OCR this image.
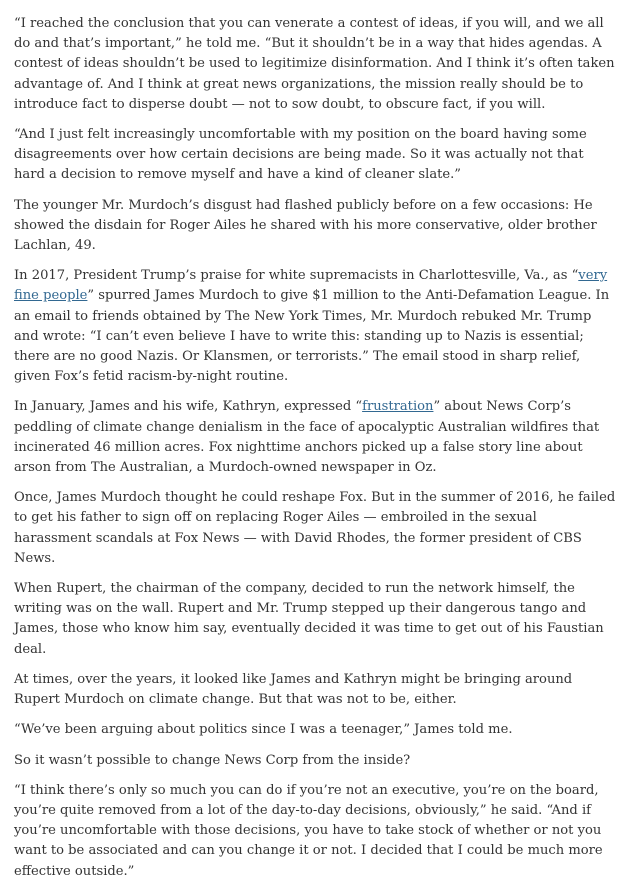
“I reached the conclusion that you can venerate a contest of ideas, if you will, and we all do and that’s important,” he told me. “But it shouldn’t be in a way that hides agendas. A contest of ideas shouldn’t be used to legitimize disinformation. And I think it’s often taken advantage of. And I think at great news organizations, the mission really should be to introduce fact to disperse doubt — not to sow doubt, to obscure fact, if you will.

“And I just felt increasingly uncomfortable with my position on the board having some disagreements over how certain decisions are being made. So it was actually not that hard a decision to remove myself and have a kind of cleaner slate.”

The younger Mr. Murdoch’s disgust had flashed publicly before on a few occasions: He showed the disdain for Roger Ailes he shared with his more conservative, older brother Lachlan, 49.

In 2017, President Trump’s praise for white supremacists in Charlottesville, Va., as “very fine people” spurred James Murdoch to give $1 million to the Anti-Defamation League. In an email to friends obtained by The New York Times, Mr. Murdoch rebuked Mr. Trump and wrote: “I can’t even believe I have to write this: standing up to Nazis is essential; there are no good Nazis. Or Klansmen, or terrorists.” The email stood in sharp relief, given Fox’s fetid racism-by-night routine.

In January, James and his wife, Kathryn, expressed “frustration” about News Corp’s peddling of climate change denialism in the face of apocalyptic Australian wildfires that incinerated 46 million acres. Fox nighttime anchors picked up a false story line about arson from The Australian, a Murdoch-owned newspaper in Oz.

Once, James Murdoch thought he could reshape Fox. But in the summer of 2016, he failed to get his father to sign off on replacing Roger Ailes — embroiled in the sexual harassment scandals at Fox News — with David Rhodes, the former president of CBS News.

When Rupert, the chairman of the company, decided to run the network himself, the writing was on the wall. Rupert and Mr. Trump stepped up their dangerous tango and James, those who know him say, eventually decided it was time to get out of his Faustian deal.

At times, over the years, it looked like James and Kathryn might be bringing around Rupert Murdoch on climate change. But that was not to be, either.

“We’ve been arguing about politics since I was a teenager,” James told me.

So it wasn’t possible to change News Corp from the inside?

“I think there’s only so much you can do if you’re not an executive, you’re on the board, you’re quite removed from a lot of the day-to-day decisions, obviously,” he said. “And if you’re uncomfortable with those decisions, you have to take stock of whether or not you want to be associated and can you change it or not. I decided that I could be much more effective outside.”
